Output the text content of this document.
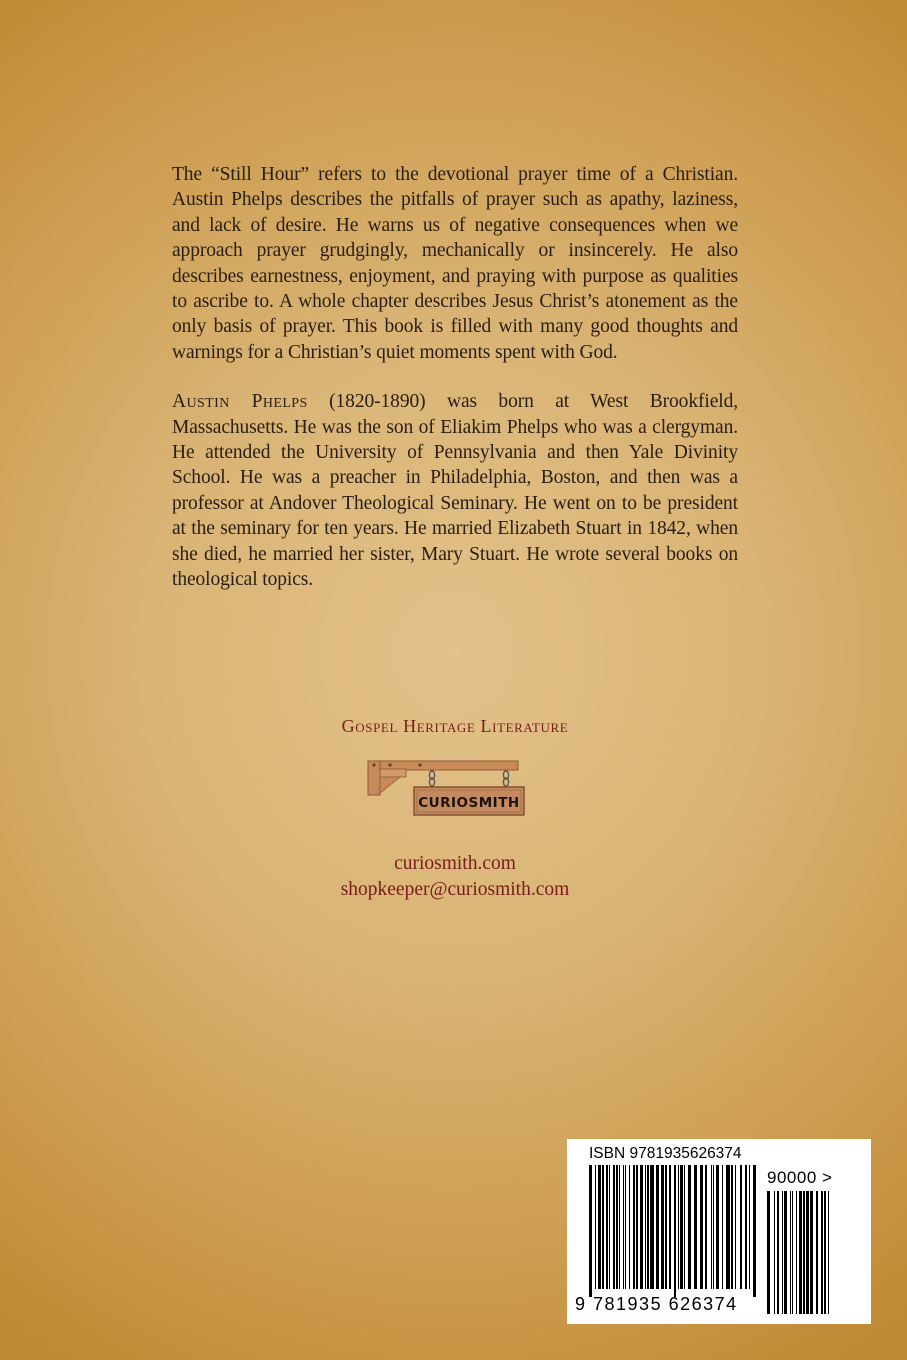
The “Still Hour” refers to the devotional prayer time of a Christian. Austin Phelps describes the pitfalls of prayer such as apathy, laziness, and lack of desire. He warns us of negative consequences when we approach prayer grudgingly, mechanically or insincerely. He also describes earnestness, enjoyment, and praying with purpose as qualities to ascribe to. A whole chapter describes Jesus Christ’s atonement as the only basis of prayer. This book is filled with many good thoughts and warnings for a Christian’s quiet moments spent with God.

Austin Phelps (1820-1890) was born at West Brookfield, Massachusetts. He was the son of Eliakim Phelps who was a clergyman. He attended the University of Pennsylvania and then Yale Divinity School. He was a preacher in Philadelphia, Boston, and then was a professor at Andover Theological Seminary. He went on to be president at the seminary for ten years. He married Elizabeth Stuart in 1842, when she died, he married her sister, Mary Stuart. He wrote several books on theological topics.

Gospel Heritage Literature
CURIOSMITH
curiosmith.com
shopkeeper@curiosmith.com
ISBN 9781935626374
90000 >
9 781935 626374
